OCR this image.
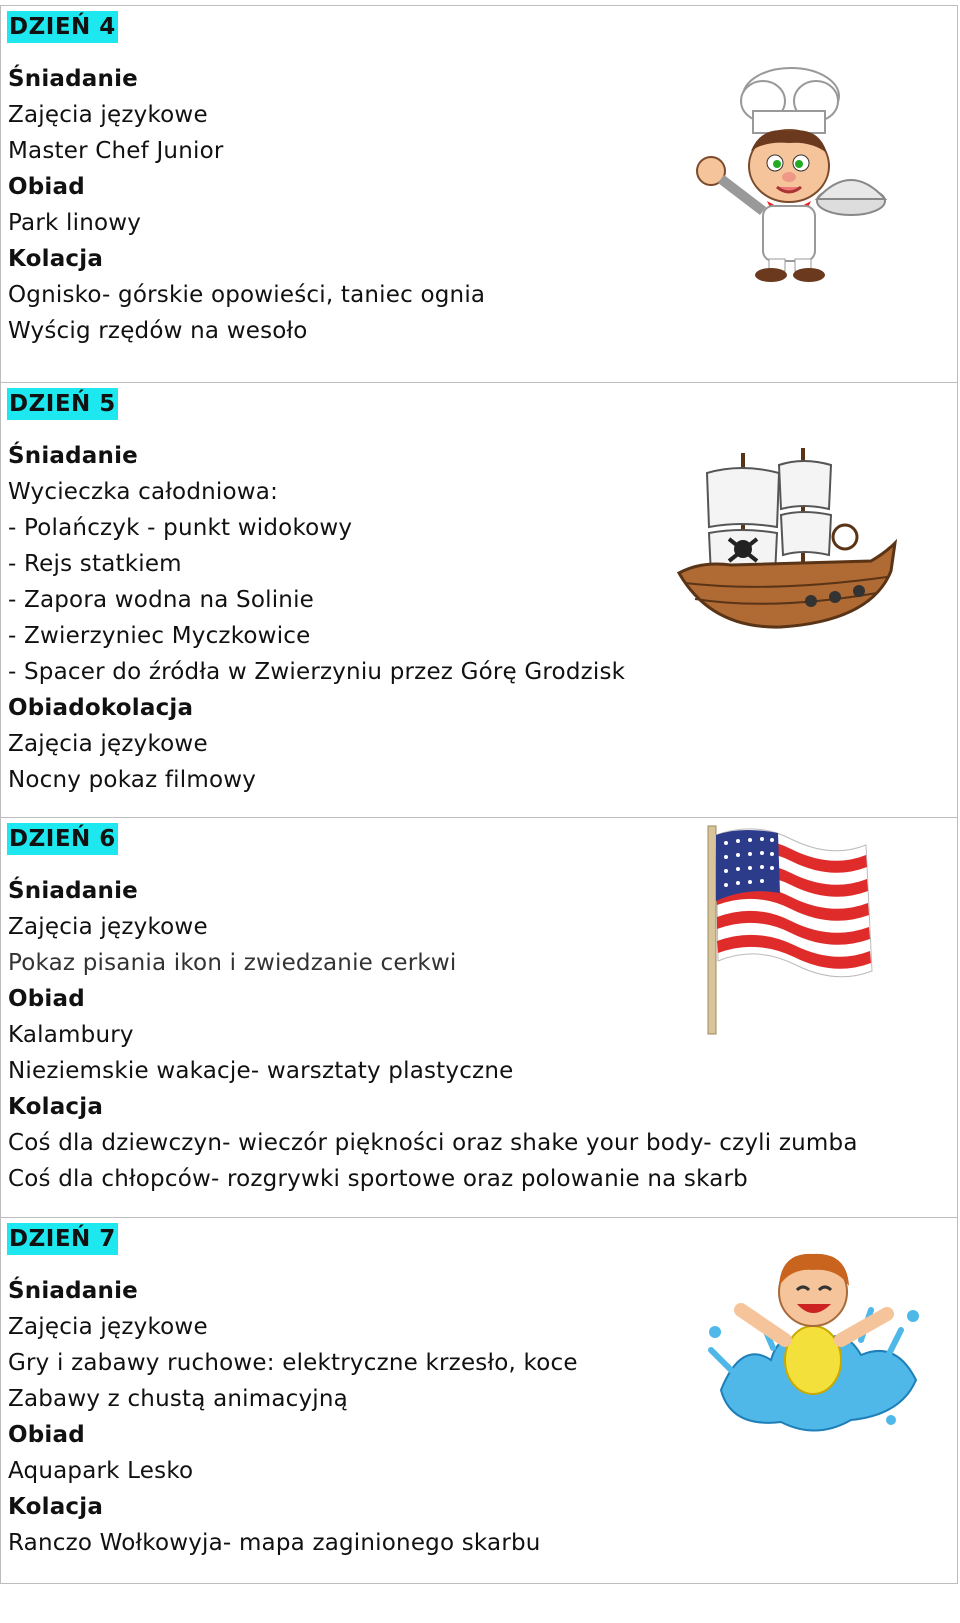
DZIEŃ 4
Śniadanie
Zajęcia językowe
Master Chef Junior
Obiad
Park linowy
Kolacja
Ognisko- górskie opowieści, taniec ognia
Wyścig rzędów na wesoło
DZIEŃ 5
Śniadanie
Wycieczka całodniowa:
- Polańczyk - punkt widokowy
- Rejs statkiem
- Zapora wodna na Solinie
- Zwierzyniec Myczkowice
- Spacer do źródła w Zwierzyniu przez Górę Grodzisk
Obiadokolacja
Zajęcia językowe
Nocny pokaz filmowy
DZIEŃ 6
Śniadanie
Zajęcia językowe
Pokaz pisania ikon i zwiedzanie cerkwi
Obiad
Kalambury
Nieziemskie wakacje- warsztaty plastyczne
Kolacja
Coś dla dziewczyn- wieczór piękności oraz shake your body- czyli zumba
Coś dla chłopców- rozgrywki sportowe oraz polowanie na skarb
DZIEŃ 7
Śniadanie
Zajęcia językowe
Gry i zabawy ruchowe: elektryczne krzesło, koce
Zabawy z chustą animacyjną
Obiad
Aquapark Lesko
Kolacja
Ranczo Wołkowyja- mapa zaginionego skarbu
